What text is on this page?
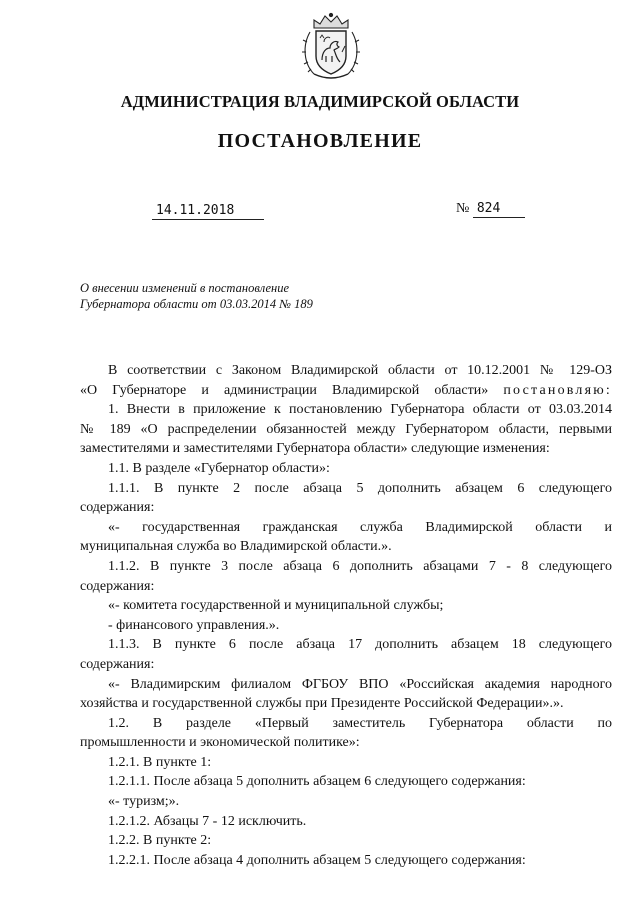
АДМИНИСТРАЦИЯ ВЛАДИМИРСКОЙ ОБЛАСТИ
ПОСТАНОВЛЕНИЕ
14.11.2018	№ 824
О внесении изменений в постановление
Губернатора области от 03.03.2014 № 189
В соответствии с Законом Владимирской области от 10.12.2001 № 129-ОЗ
«О Губернаторе и администрации Владимирской области» постановляю:
1. Внести в приложение к постановлению Губернатора области от 03.03.2014
№ 189 «О распределении обязанностей между Губернатором области, первыми
заместителями и заместителями Губернатора области» следующие изменения:
1.1. В разделе «Губернатор области»:
1.1.1. В пункте 2 после абзаца 5 дополнить абзацем 6 следующего
содержания:
«- государственная гражданская служба Владимирской области и
муниципальная служба во Владимирской области.».
1.1.2. В пункте 3 после абзаца 6 дополнить абзацами 7 - 8 следующего
содержания:
«- комитета государственной и муниципальной службы;
- финансового управления.».
1.1.3. В пункте 6 после абзаца 17 дополнить абзацем 18 следующего
содержания:
«- Владимирским филиалом ФГБОУ ВПО «Российская академия народного
хозяйства и государственной службы при Президенте Российской Федерации».».
1.2. В разделе «Первый заместитель Губернатора области по
промышленности и экономической политике»:
1.2.1. В пункте 1:
1.2.1.1. После абзаца 5 дополнить абзацем 6 следующего содержания:
«- туризм;».
1.2.1.2. Абзацы 7 - 12 исключить.
1.2.2. В пункте 2:
1.2.2.1. После абзаца 4 дополнить абзацем 5 следующего содержания:
